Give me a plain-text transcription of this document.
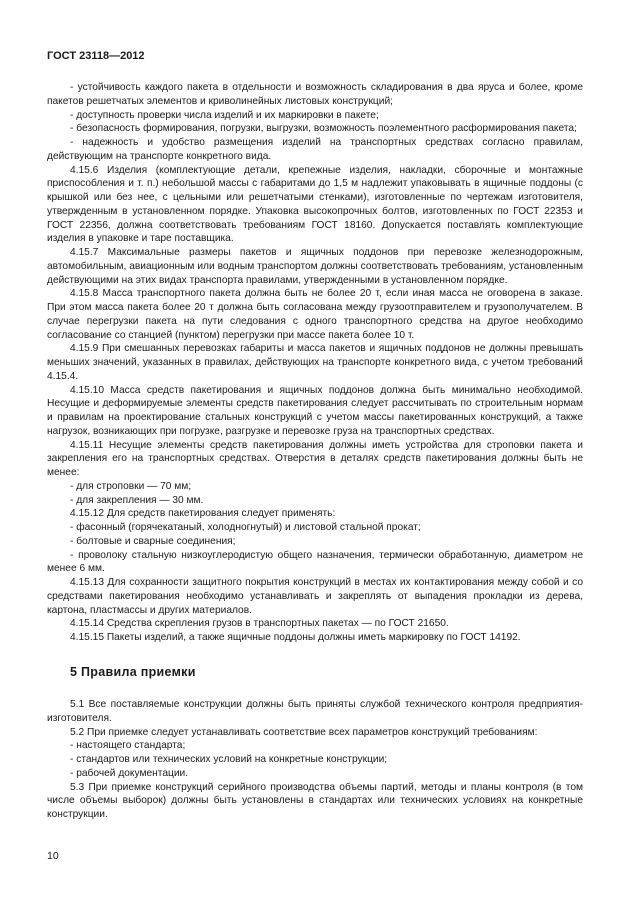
ГОСТ 23118—2012

- устойчивость каждого пакета в отдельности и возможность складирования в два яруса и более, кроме пакетов решетчатых элементов и криволинейных листовых конструкций;

- доступность проверки числа изделий и их маркировки в пакете;

- безопасность формирования, погрузки, выгрузки, возможность поэлементного расформирования пакета;

- надежность и удобство размещения изделий на транспортных средствах согласно правилам, действующим на транспорте конкретного вида.

4.15.6 Изделия (комплектующие детали, крепежные изделия, накладки, сборочные и монтажные приспособления и т. п.) небольшой массы с габаритами до 1,5 м надлежит упаковывать в ящичные поддоны (с крышкой или без нее, с цельными или решетчатыми стенками), изготовленные по чертежам изготовителя, утвержденным в установленном порядке. Упаковка высокопрочных болтов, изготовленных по ГОСТ 22353 и ГОСТ 22356, должна соответствовать требованиям ГОСТ 18160. Допускается поставлять комплектующие изделия в упаковке и таре поставщика.

4.15.7 Максимальные размеры пакетов и ящичных поддонов при перевозке железнодорожным, автомобильным, авиационным или водным транспортом должны соответствовать требованиям, установленным действующими на этих видах транспорта правилами, утвержденными в установленном порядке.

4.15.8 Масса транспортного пакета должна быть не более 20 т, если иная масса не оговорена в заказе. При этом масса пакета более 20 т должна быть согласована между грузоотправителем и грузополучателем. В случае перегрузки пакета на пути следования с одного транспортного средства на другое необходимо согласование со станцией (пунктом) перегрузки при массе пакета более 10 т.

4.15.9 При смешанных перевозках габариты и масса пакетов и ящичных поддонов не должны превышать меньших значений, указанных в правилах, действующих на транспорте конкретного вида, с учетом требований 4.15.4.

4.15.10 Масса средств пакетирования и ящичных поддонов должна быть минимально необходимой. Несущие и деформируемые элементы средств пакетирования следует рассчитывать по строительным нормам и правилам на проектирование стальных конструкций с учетом массы пакетированных конструкций, а также нагрузок, возникающих при погрузке, разгрузке и перевозке груза на транспортных средствах.

4.15.11 Несущие элементы средств пакетирования должны иметь устройства для строповки пакета и закрепления его на транспортных средствах. Отверстия в деталях средств пакетирования должны быть не менее:

- для строповки — 70 мм;

- для закрепления — 30 мм.

4.15.12 Для средств пакетирования следует применять:

- фасонный (горячекатаный, холодногнутый) и листовой стальной прокат;

- болтовые и сварные соединения;

- проволоку стальную низкоуглеродистую общего назначения, термически обработанную, диаметром не менее 6 мм.

4.15.13 Для сохранности защитного покрытия конструкций в местах их контактирования между собой и со средствами пакетирования необходимо устанавливать и закреплять от выпадения прокладки из дерева, картона, пластмассы и других материалов.

4.15.14 Средства скрепления грузов в транспортных пакетах — по ГОСТ 21650.

4.15.15 Пакеты изделий, а также ящичные поддоны должны иметь маркировку по ГОСТ 14192.

5 Правила приемки

5.1 Все поставляемые конструкции должны быть приняты службой технического контроля предприятия-изготовителя.

5.2 При приемке следует устанавливать соответствие всех параметров конструкций требованиям:

- настоящего стандарта;

- стандартов или технических условий на конкретные конструкции;

- рабочей документации.

5.3 При приемке конструкций серийного производства объемы партий, методы и планы контроля (в том числе объемы выборок) должны быть установлены в стандартах или технических условиях на конкретные конструкции.

10
